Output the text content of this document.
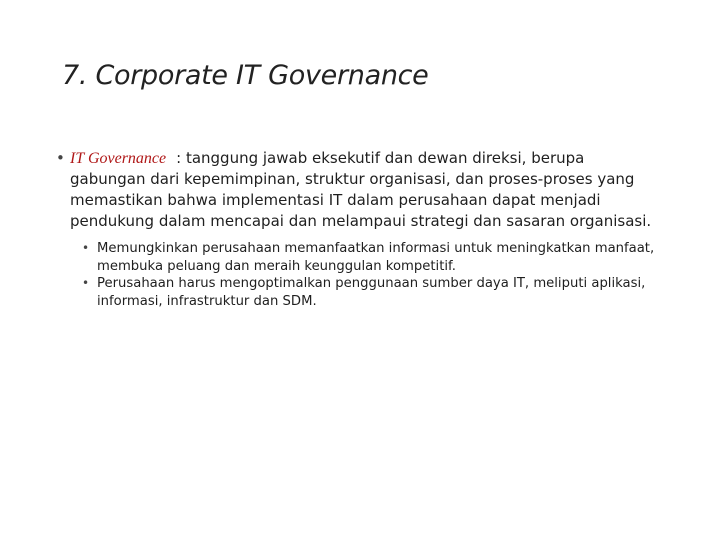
7. Corporate IT Governance
• IT Governance : tanggung jawab eksekutif dan dewan direksi, berupa gabungan dari kepemimpinan, struktur organisasi, dan proses-proses yang memastikan bahwa implementasi IT dalam perusahaan dapat menjadi pendukung dalam mencapai dan melampaui strategi dan sasaran organisasi.
• Memungkinkan perusahaan memanfaatkan informasi untuk meningkatkan manfaat, membuka peluang dan meraih keunggulan kompetitif.
• Perusahaan harus mengoptimalkan penggunaan sumber daya IT, meliputi aplikasi, informasi, infrastruktur dan SDM.
